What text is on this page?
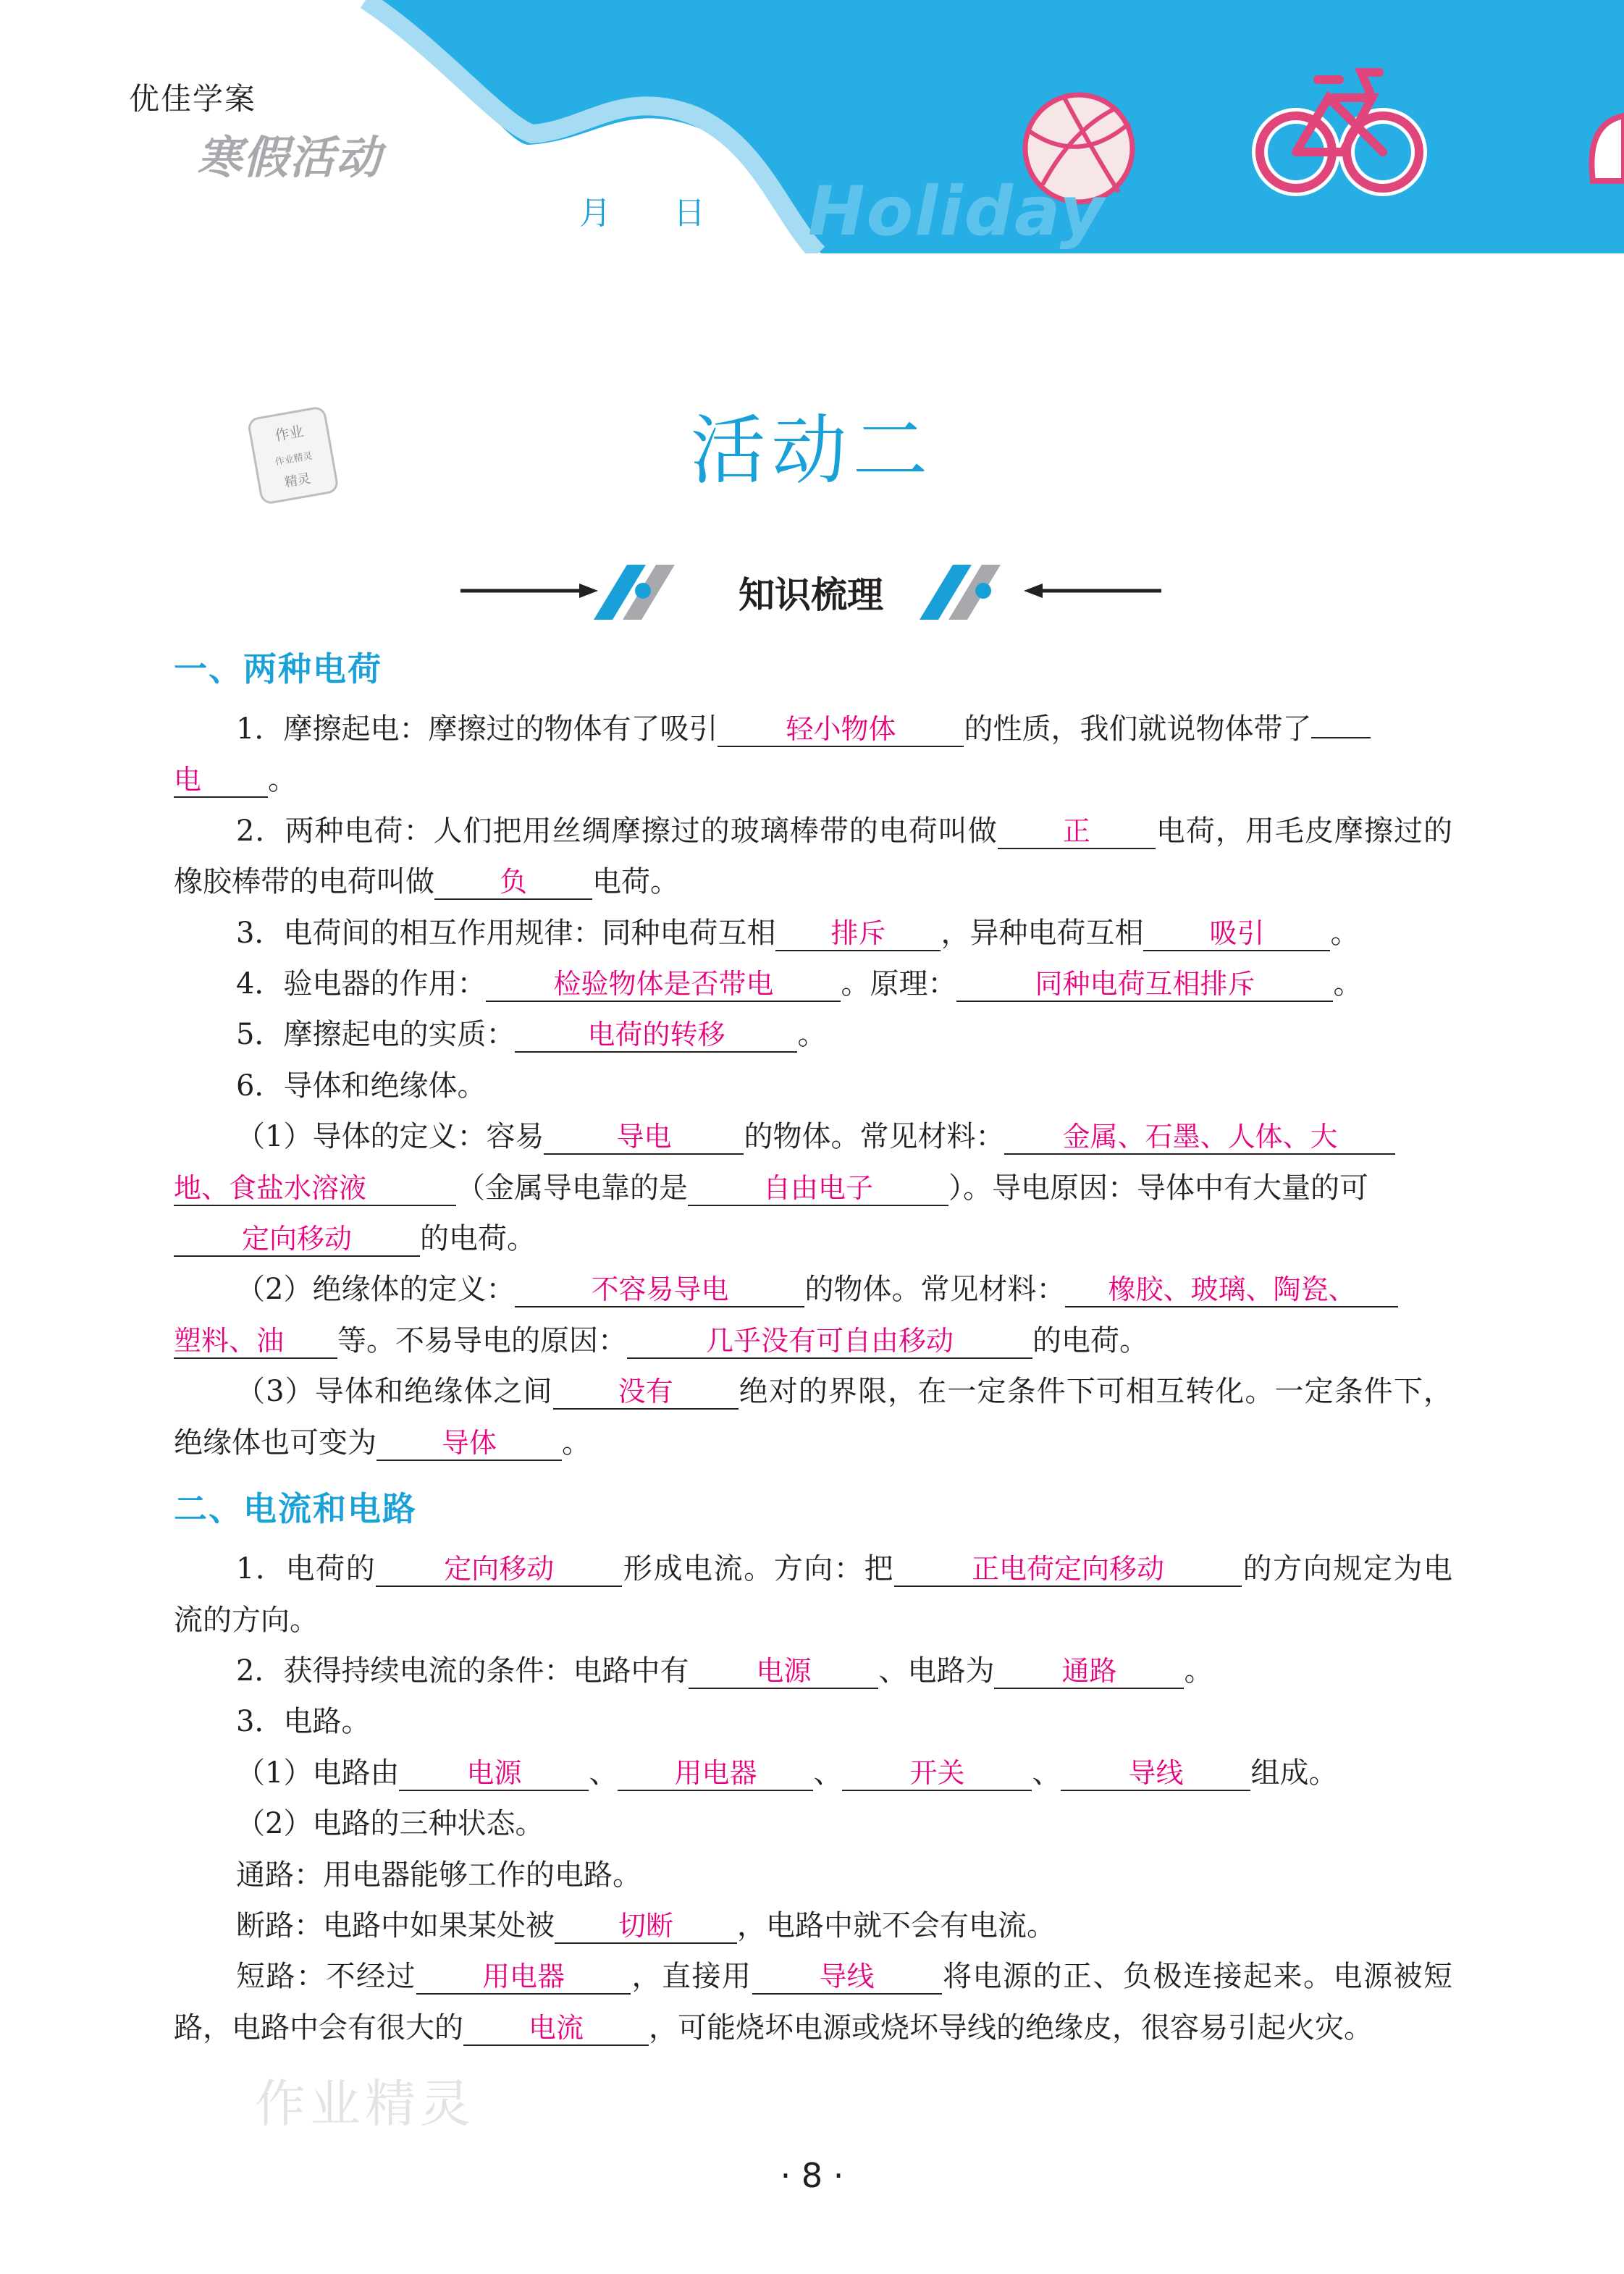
优佳学案
寒假活动
月 日	Holiday
作业
作业精灵
精灵	活动二
知识梳理
一、两种电荷

1．摩擦起电：摩擦过的物体有了吸引 轻小物体 的性质，我们就说物体带了

电 。

2．两种电荷：人们把用丝绸摩擦过的玻璃棒带的电荷叫做 正 电荷，用毛皮摩擦过的橡胶棒带的电荷叫做 负 电荷。

3．电荷间的相互作用规律：同种电荷互相 排斥 ，异种电荷互相 吸引 。

4．验电器的作用： 检验物体是否带电 。原理：	同种电荷互相排斥	。

5．摩擦起电的实质：	电荷的转移	。

6．导体和绝缘体。

（1）导体的定义：容易	导电	的物体。常见材料： 金属、石墨、人体、大

地、食盐水溶液	（金属导电靠的是	自由电子	）。导电原因：导体中有大量的可

定向移动 的电荷。

（2）绝缘体的定义：	不容易导电	的物体。常见材料： 橡胶、玻璃、陶瓷、

塑料、油 等。不易导电的原因：	几乎没有可自由移动	的电荷。

（3）导体和绝缘体之间 没有 绝对的界限，在一定条件下可相互转化。一定条件下，绝缘体也可变为 导体 。

二、电流和电路

1．电荷的 定向移动 形成电流。方向：把	正电荷定向移动	的方向规定为电流的方向。

2．获得持续电流的条件：电路中有 电源 、电路为 通路 。

3．电路。

（1）电路由 电源 、 用电器 、 开关 、 导线 组成。

（2）电路的三种状态。

通路：用电器能够工作的电路。

断路：电路中如果某处被 切断 ，电路中就不会有电流。

短路：不经过 用电器 ，直接用 导线 将电源的正、负极连接起来。电源被短路，电路中会有很大的 电流 ，可能烧坏电源或烧坏导线的绝缘皮，很容易引起火灾。

作业精灵
· 8 ·
